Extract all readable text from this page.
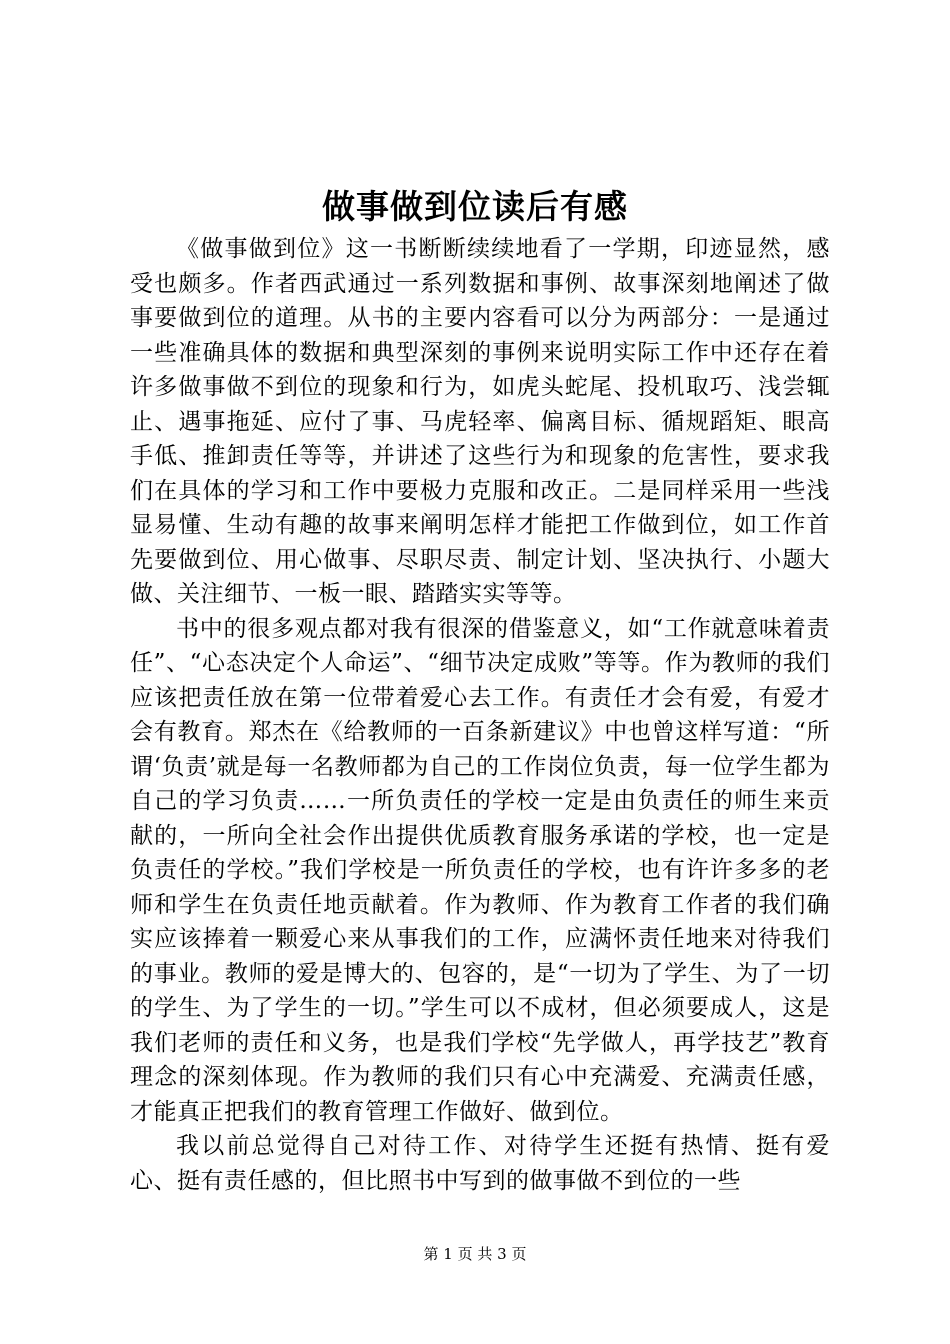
做事做到位读后有感

《做事做到位》这一书断断续续地看了一学期，印迹显然，感受也颇多。作者西武通过一系列数据和事例、故事深刻地阐述了做事要做到位的道理。从书的主要内容看可以分为两部分：一是通过一些准确具体的数据和典型深刻的事例来说明实际工作中还存在着许多做事做不到位的现象和行为，如虎头蛇尾、投机取巧、浅尝辄止、遇事拖延、应付了事、马虎轻率、偏离目标、循规蹈矩、眼高手低、推卸责任等等，并讲述了这些行为和现象的危害性，要求我们在具体的学习和工作中要极力克服和改正。二是同样采用一些浅显易懂、生动有趣的故事来阐明怎样才能把工作做到位，如工作首先要做到位、用心做事、尽职尽责、制定计划、坚决执行、小题大做、关注细节、一板一眼、踏踏实实等等。

书中的很多观点都对我有很深的借鉴意义，如“工作就意味着责任”、“心态决定个人命运”、“细节决定成败”等等。作为教师的我们应该把责任放在第一位带着爱心去工作。有责任才会有爱，有爱才会有教育。郑杰在《给教师的一百条新建议》中也曾这样写道：“所谓‘负责’就是每一名教师都为自己的工作岗位负责，每一位学生都为自己的学习负责……一所负责任的学校一定是由负责任的师生来贡献的，一所向全社会作出提供优质教育服务承诺的学校，也一定是负责任的学校。”我们学校是一所负责任的学校，也有许许多多的老师和学生在负责任地贡献着。作为教师、作为教育工作者的我们确实应该捧着一颗爱心来从事我们的工作，应满怀责任地来对待我们的事业。教师的爱是博大的、包容的，是“一切为了学生、为了一切的学生、为了学生的一切。”学生可以不成材，但必须要成人，这是我们老师的责任和义务，也是我们学校“先学做人，再学技艺”教育理念的深刻体现。作为教师的我们只有心中充满爱、充满责任感，才能真正把我们的教育管理工作做好、做到位。

我以前总觉得自己对待工作、对待学生还挺有热情、挺有爱心、挺有责任感的，但比照书中写到的做事做不到位的一些

第 1 页 共 3 页
